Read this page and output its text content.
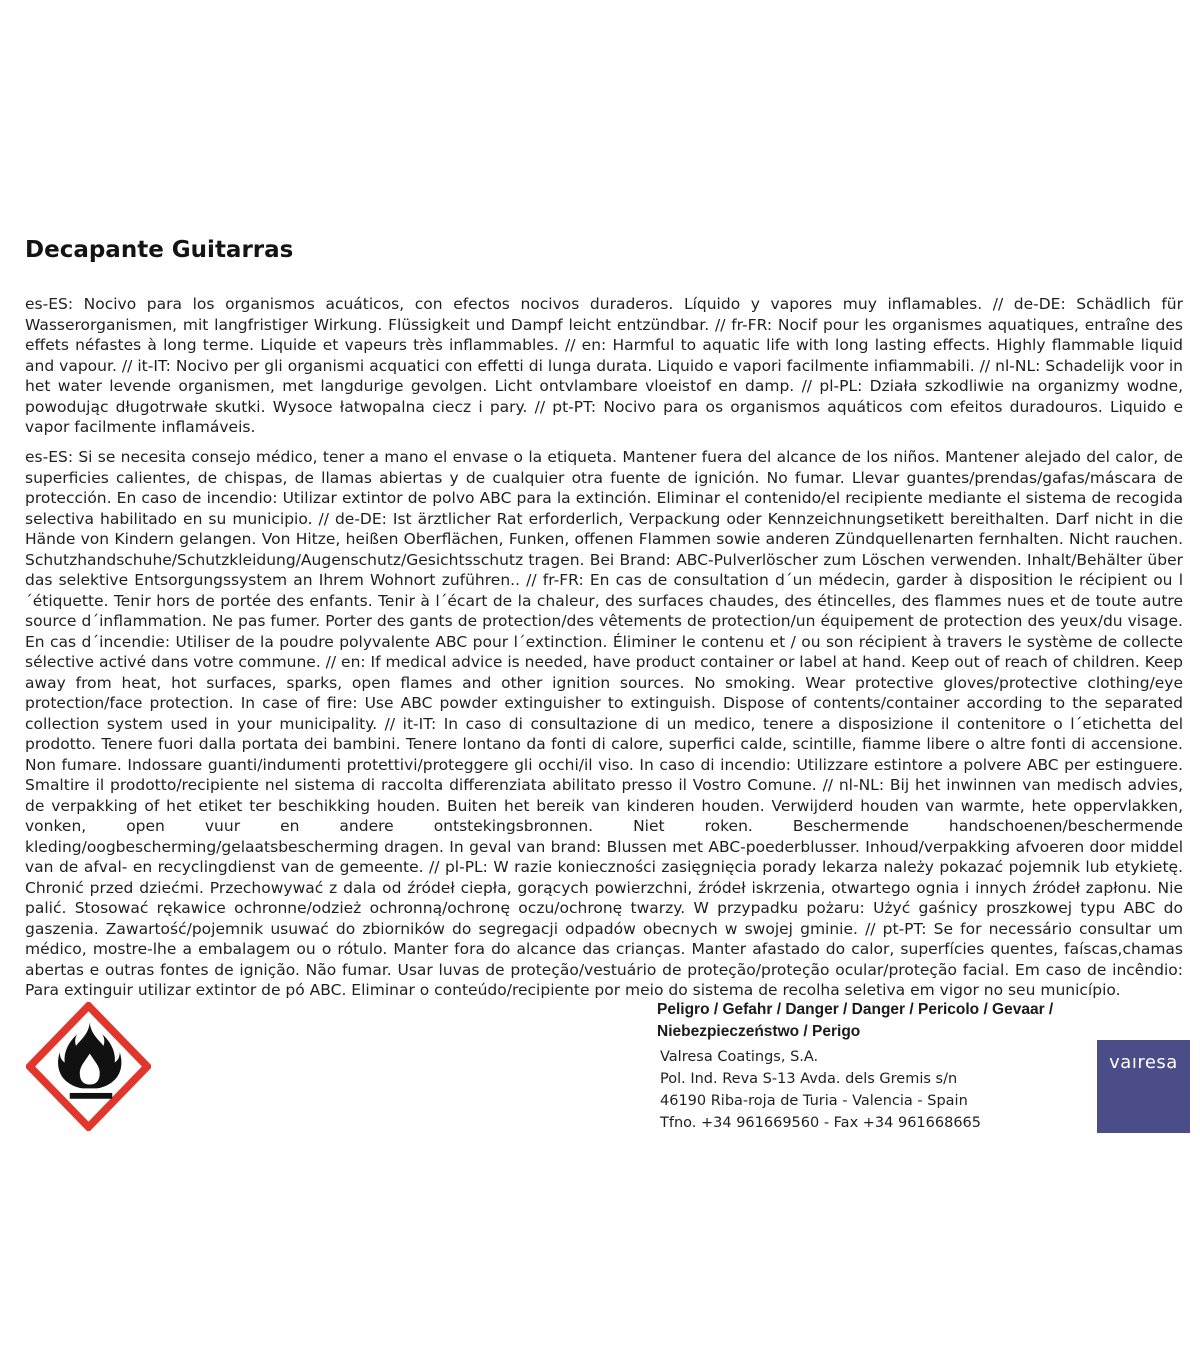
Decapante Guitarras
es-ES: Nocivo para los organismos acuáticos, con efectos nocivos duraderos. Líquido y vapores muy inflamables. // de-DE: Schädlich für Wasserorganismen, mit langfristiger Wirkung. Flüssigkeit und Dampf leicht entzündbar. // fr-FR: Nocif pour les organismes aquatiques, entraîne des effets néfastes à long terme. Liquide et vapeurs très inflammables. // en: Harmful to aquatic life with long lasting effects. Highly flammable liquid and vapour. // it-IT: Nocivo per gli organismi acquatici con effetti di lunga durata. Liquido e vapori facilmente infiammabili. // nl-NL: Schadelijk voor in het water levende organismen, met langdurige gevolgen. Licht ontvlambare vloeistof en damp. // pl-PL: Działa szkodliwie na organizmy wodne, powodując długotrwałe skutki. Wysoce łatwopalna ciecz i pary. // pt-PT: Nocivo para os organismos aquáticos com efeitos duradouros. Liquido e vapor facilmente inflamáveis.
es-ES: Si se necesita consejo médico, tener a mano el envase o la etiqueta. Mantener fuera del alcance de los niños. Mantener alejado del calor, de superficies calientes, de chispas, de llamas abiertas y de cualquier otra fuente de ignición. No fumar. Llevar guantes/prendas/gafas/máscara de protección. En caso de incendio: Utilizar extintor de polvo ABC para la extinción. Eliminar el contenido/el recipiente mediante el sistema de recogida selectiva habilitado en su municipio. // de-DE: Ist ärztlicher Rat erforderlich, Verpackung oder Kennzeichnungsetikett bereithalten. Darf nicht in die Hände von Kindern gelangen. Von Hitze, heißen Oberflächen, Funken, offenen Flammen sowie anderen Zündquellenarten fernhalten. Nicht rauchen. Schutzhandschuhe/Schutzkleidung/Augenschutz/Gesichtsschutz tragen. Bei Brand: ABC-Pulverlöscher zum Löschen verwenden. Inhalt/Behälter über das selektive Entsorgungssystem an Ihrem Wohnort zuführen.. // fr-FR: En cas de consultation d´un médecin, garder à disposition le récipient ou l´étiquette. Tenir hors de portée des enfants. Tenir à l´écart de la chaleur, des surfaces chaudes, des étincelles, des flammes nues et de toute autre source d´inflammation. Ne pas fumer. Porter des gants de protection/des vêtements de protection/un équipement de protection des yeux/du visage. En cas d´incendie: Utiliser de la poudre polyvalente ABC pour l´extinction. Éliminer le contenu et / ou son récipient à travers le système de collecte sélective activé dans votre commune. // en: If medical advice is needed, have product container or label at hand. Keep out of reach of children. Keep away from heat, hot surfaces, sparks, open flames and other ignition sources. No smoking. Wear protective gloves/protective clothing/eye protection/face protection. In case of fire: Use ABC powder extinguisher to extinguish. Dispose of contents/container according to the separated collection system used in your municipality. // it-IT: In caso di consultazione di un medico, tenere a disposizione il contenitore o l´etichetta del prodotto. Tenere fuori dalla portata dei bambini. Tenere lontano da fonti di calore, superfici calde, scintille, fiamme libere o altre fonti di accensione. Non fumare. Indossare guanti/indumenti protettivi/proteggere gli occhi/il viso. In caso di incendio: Utilizzare estintore a polvere ABC per estinguere. Smaltire il prodotto/recipiente nel sistema di raccolta differenziata abilitato presso il Vostro Comune. // nl-NL: Bij het inwinnen van medisch advies, de verpakking of het etiket ter beschikking houden. Buiten het bereik van kinderen houden. Verwijderd houden van warmte, hete oppervlakken, vonken, open vuur en andere ontstekingsbronnen. Niet roken. Beschermende handschoenen/beschermende kleding/oogbescherming/gelaatsbescherming dragen. In geval van brand: Blussen met ABC-poederblusser. Inhoud/verpakking afvoeren door middel van de afval- en recyclingdienst van de gemeente. // pl-PL: W razie konieczności zasięgnięcia porady lekarza należy pokazać pojemnik lub etykietę. Chronić przed dziećmi. Przechowywać z dala od źródeł ciepła, gorących powierzchni, źródeł iskrzenia, otwartego ognia i innych źródeł zapłonu. Nie palić. Stosować rękawice ochronne/odzież ochronną/ochronę oczu/ochronę twarzy. W przypadku pożaru: Użyć gaśnicy proszkowej typu ABC do gaszenia. Zawartość/pojemnik usuwać do zbiorników do segregacji odpadów obecnych w swojej gminie. // pt-PT: Se for necessário consultar um médico, mostre-lhe a embalagem ou o rótulo. Manter fora do alcance das crianças. Manter afastado do calor, superfícies quentes, faíscas,chamas abertas e outras fontes de ignição. Não fumar. Usar luvas de proteção/vestuário de proteção/proteção ocular/proteção facial. Em caso de incêndio: Para extinguir utilizar extintor de pó ABC. Eliminar o conteúdo/recipiente por meio do sistema de recolha seletiva em vigor no seu município.
Peligro / Gefahr / Danger / Danger / Pericolo / Gevaar /
Niebezpieczeństwo / Perigo
Valresa Coatings, S.A.
Pol. Ind. Reva S-13 Avda. dels Gremis s/n
46190 Riba-roja de Turia - Valencia - Spain
Tfno. +34 961669560 - Fax +34 961668665
vaıresa
